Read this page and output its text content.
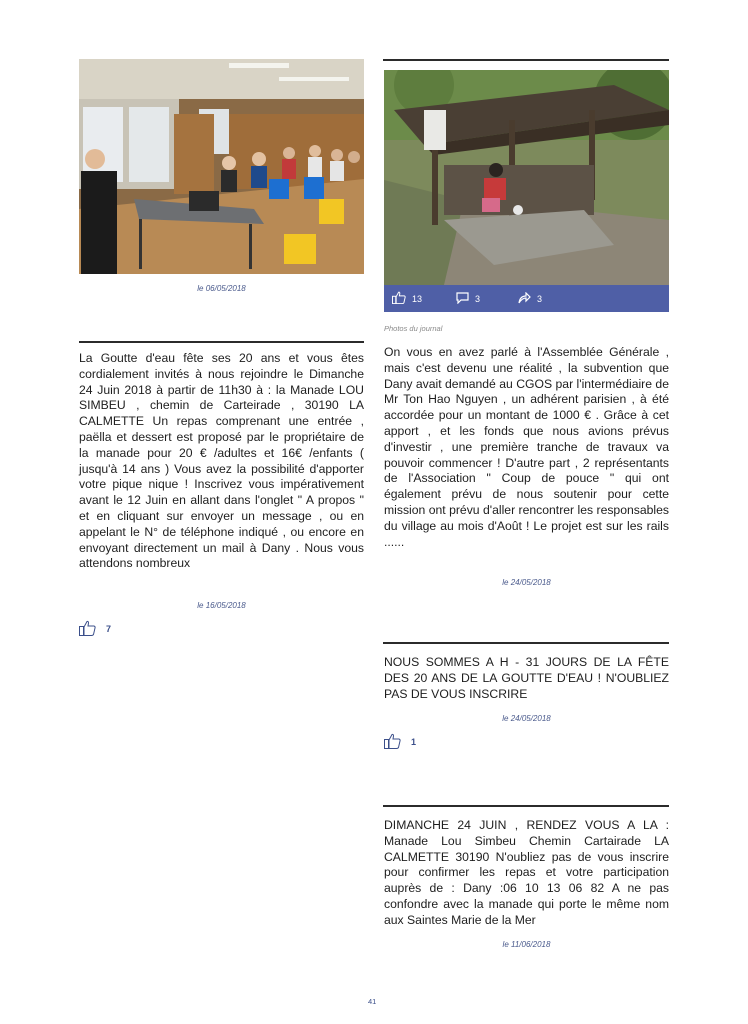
le 06/05/2018
La Goutte d'eau fête ses 20 ans et vous êtes cordialement invités à nous rejoindre le Dimanche 24 Juin 2018 à partir de 11h30 à : la Manade LOU SIMBEU , chemin de Carteirade , 30190 LA CALMETTE Un repas comprenant une entrée , paëlla et dessert est proposé par le propriétaire de la manade pour 20 € /adultes et 16€ /enfants ( jusqu'à 14 ans ) Vous avez la possibilité d'apporter votre pique nique ! Inscrivez vous impérativement avant le 12 Juin en allant dans l'onglet " A propos " et en cliquant sur envoyer un message , ou en appelant le N° de téléphone indiqué , ou encore en envoyant directement un mail à Dany . Nous vous attendons nombreux
le 16/05/2018
7
13	3	3
Photos du journal
On vous en avez parlé à l'Assemblée Générale , mais c'est devenu une réalité , la subvention que Dany avait demandé au CGOS par l'intermédiaire de Mr Ton Hao Nguyen , un adhérent parisien , à été accordée pour un montant de 1000 € . Grâce à cet apport , et les fonds que nous avions prévus d'investir , une première tranche de travaux va pouvoir commencer ! D'autre part , 2 représentants de l'Association " Coup de pouce " qui ont également prévu de nous soutenir pour cette mission ont prévu d'aller rencontrer les responsables du village au mois d'Août ! Le projet est sur les rails ......
le 24/05/2018
NOUS SOMMES A H - 31 JOURS DE LA FÊTE DES 20 ANS DE LA GOUTTE D'EAU ! N'OUBLIEZ PAS DE VOUS INSCRIRE
le 24/05/2018
1
DIMANCHE 24 JUIN , RENDEZ VOUS A LA : Manade Lou Simbeu Chemin Cartairade LA CALMETTE 30190 N'oubliez pas de vous inscrire pour confirmer les repas et votre participation auprès de : Dany :06 10 13 06 82 A ne pas confondre avec la manade qui porte le même nom aux Saintes Marie de la Mer
le 11/06/2018
41
